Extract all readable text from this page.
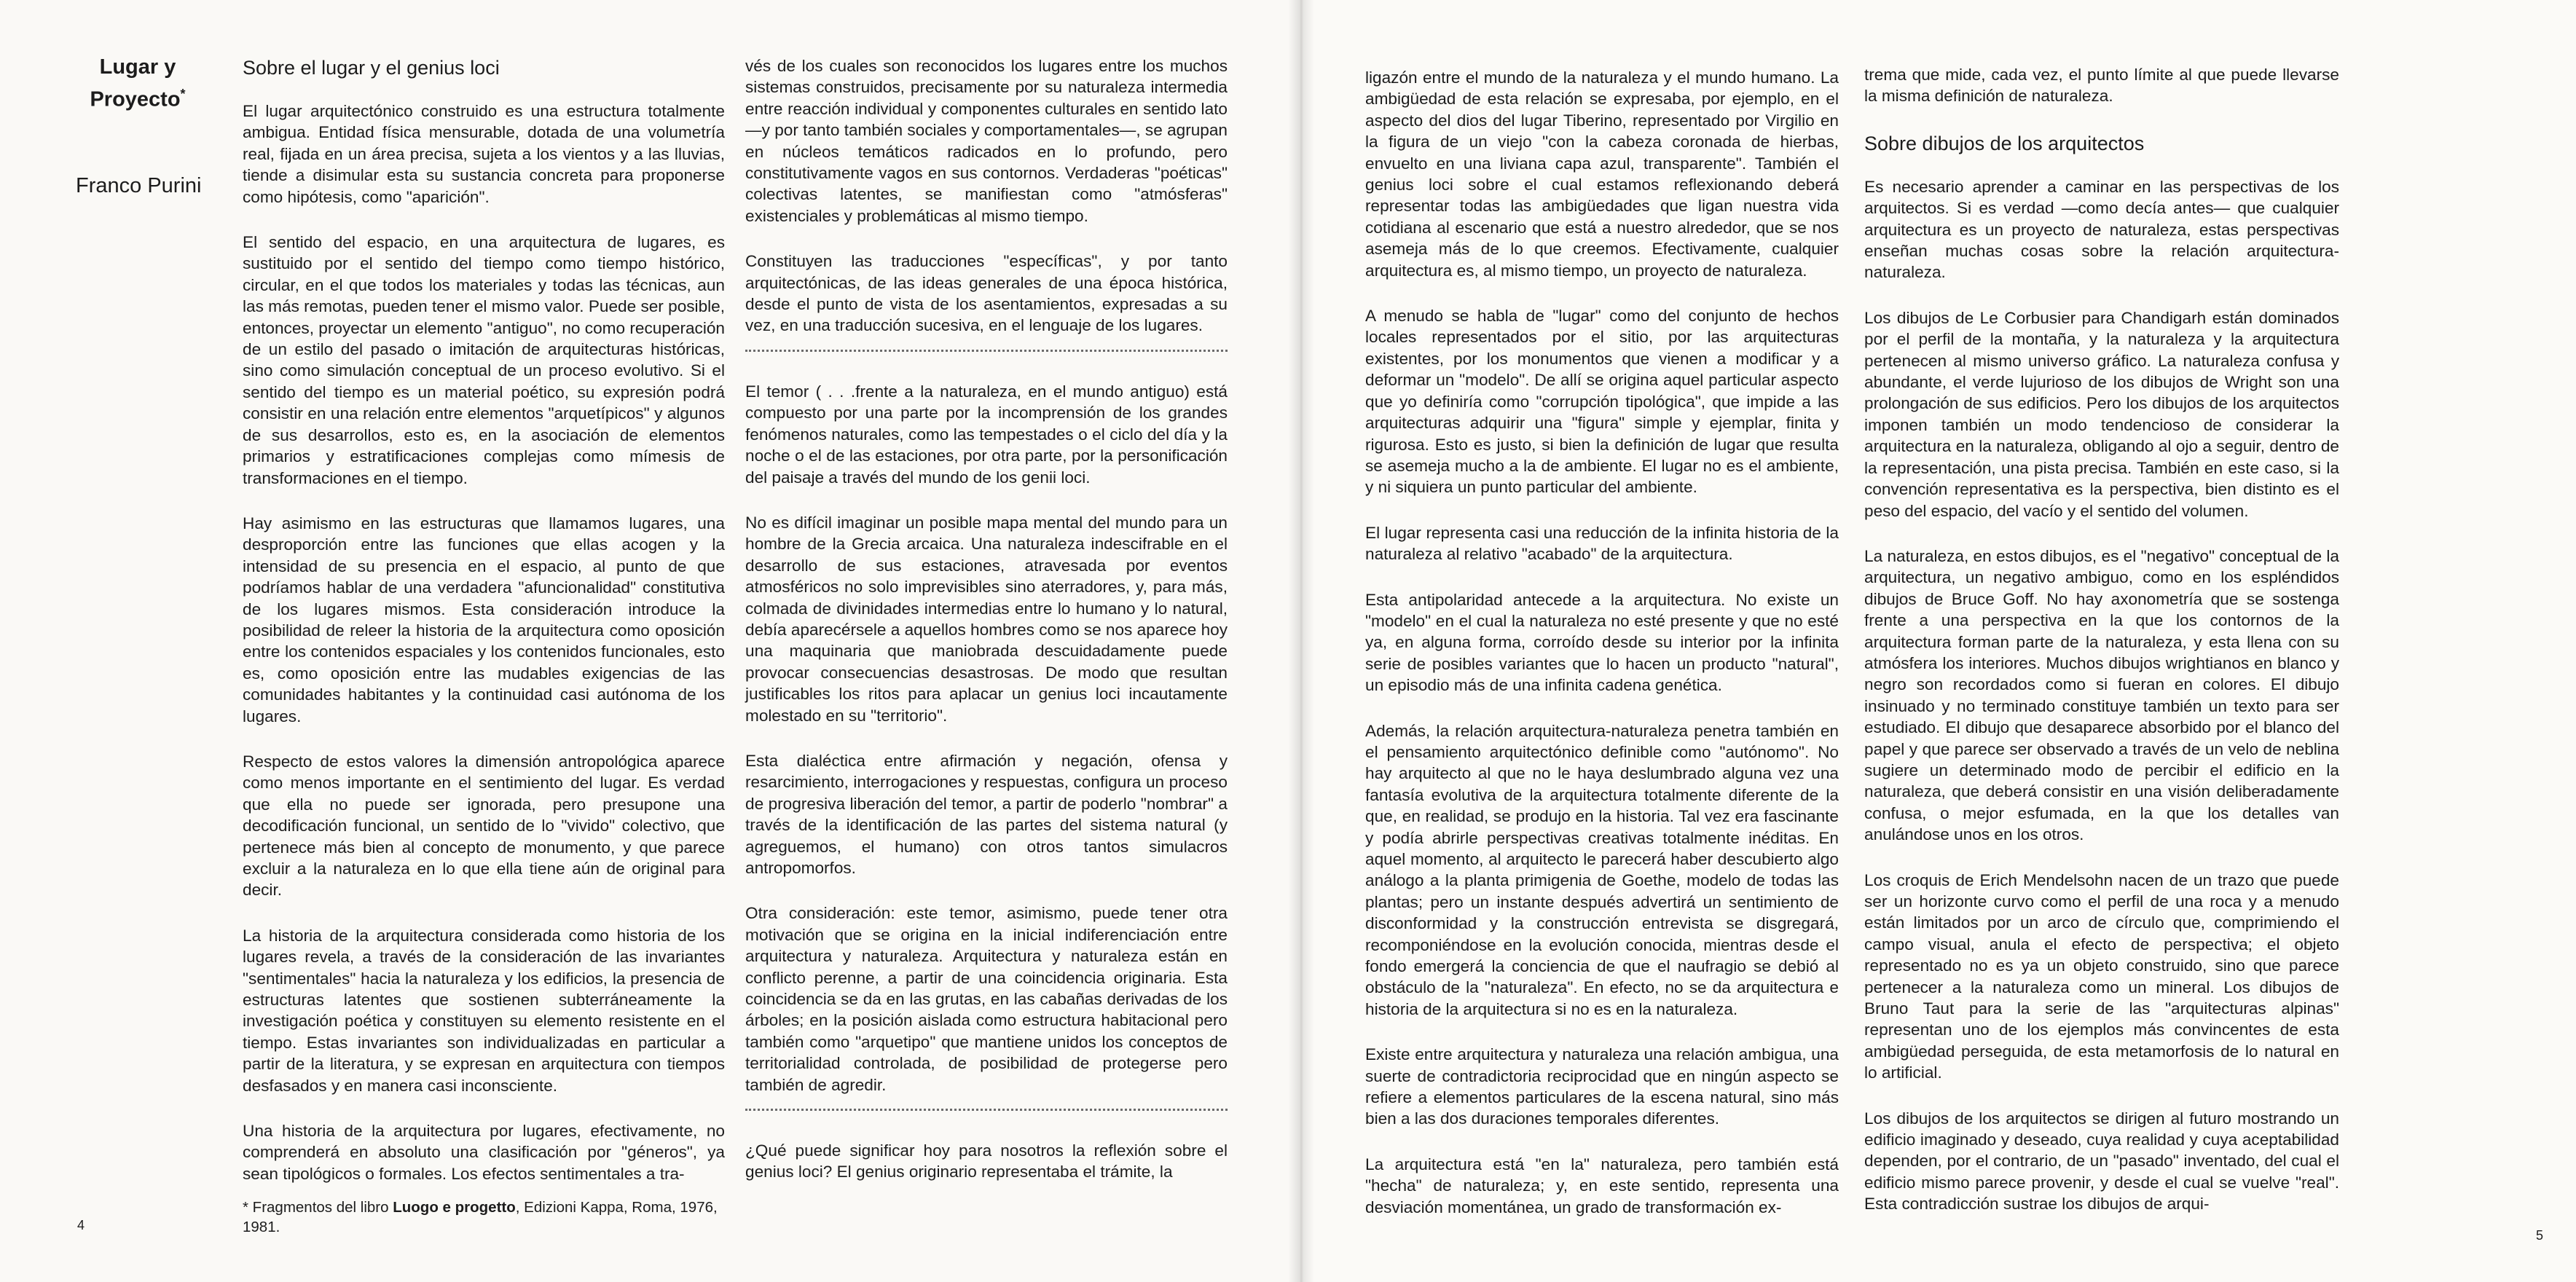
Lugar y
Proyecto*
Franco Purini
Sobre el lugar y el genius loci

El lugar arquitectónico construido es una estructura totalmente ambigua. Entidad física mensurable, dotada de una volumetría real, fijada en un área precisa, sujeta a los vientos y a las lluvias, tiende a disimular esta su sustancia concreta para proponerse como hipótesis, como "aparición".

El sentido del espacio, en una arquitectura de lugares, es sustituido por el sentido del tiempo como tiempo histórico, circular, en el que todos los materiales y todas las técnicas, aun las más remotas, pueden tener el mismo valor. Puede ser posible, entonces, proyectar un elemento "antiguo", no como recuperación de un estilo del pasado o imitación de arquitecturas históricas, sino como simulación conceptual de un proceso evolutivo. Si el sentido del tiempo es un material poético, su expresión podrá consistir en una relación entre elementos "arquetípicos" y algunos de sus desarrollos, esto es, en la asociación de elementos primarios y estratificaciones complejas como mímesis de transformaciones en el tiempo.

Hay asimismo en las estructuras que llamamos lugares, una desproporción entre las funciones que ellas acogen y la intensidad de su presencia en el espacio, al punto de que podríamos hablar de una verdadera "afuncionalidad" constitutiva de los lugares mismos. Esta consideración introduce la posibilidad de releer la historia de la arquitectura como oposición entre los contenidos espaciales y los contenidos funcionales, esto es, como oposición entre las mudables exigencias de las comunidades habitantes y la continuidad casi autónoma de los lugares.

Respecto de estos valores la dimensión antropológica aparece como menos importante en el sentimiento del lugar. Es verdad que ella no puede ser ignorada, pero presupone una decodificación funcional, un sentido de lo "vivido" colectivo, que pertenece más bien al concepto de monumento, y que parece excluir a la naturaleza en lo que ella tiene aún de original para decir.

La historia de la arquitectura considerada como historia de los lugares revela, a través de la consideración de las invariantes "sentimentales" hacia la naturaleza y los edificios, la presencia de estructuras latentes que sostienen subterráneamente la investigación poética y constituyen su elemento resistente en el tiempo. Estas invariantes son individualizadas en particular a partir de la literatura, y se expresan en arquitectura con tiempos desfasados y en manera casi inconsciente.

Una historia de la arquitectura por lugares, efectivamente, no comprenderá en absoluto una clasificación por "géneros", ya sean tipológicos o formales. Los efectos sentimentales a tra-

* Fragmentos del libro Luogo e progetto, Edizioni Kappa, Roma, 1976, 1981.

vés de los cuales son reconocidos los lugares entre los muchos sistemas construidos, precisamente por su naturaleza intermedia entre reacción individual y componentes culturales en sentido lato —y por tanto también sociales y comportamentales—, se agrupan en núcleos temáticos radicados en lo profundo, pero constitutivamente vagos en sus contornos. Verdaderas "poéticas" colectivas latentes, se manifiestan como "atmósferas" existenciales y problemáticas al mismo tiempo.

Constituyen las traducciones "específicas", y por tanto arquitectónicas, de las ideas generales de una época histórica, desde el punto de vista de los asentamientos, expresadas a su vez, en una traducción sucesiva, en el lenguaje de los lugares.

El temor ( . . .frente a la naturaleza, en el mundo antiguo) está compuesto por una parte por la incomprensión de los grandes fenómenos naturales, como las tempestades o el ciclo del día y la noche o el de las estaciones, por otra parte, por la personificación del paisaje a través del mundo de los genii loci.

No es difícil imaginar un posible mapa mental del mundo para un hombre de la Grecia arcaica. Una naturaleza indescifrable en el desarrollo de sus estaciones, atravesada por eventos atmosféricos no solo imprevisibles sino aterradores, y, para más, colmada de divinidades intermedias entre lo humano y lo natural, debía aparecérsele a aquellos hombres como se nos aparece hoy una maquinaria que maniobrada descuidadamente puede provocar consecuencias desastrosas. De modo que resultan justificables los ritos para aplacar un genius loci incautamente molestado en su "territorio".

Esta dialéctica entre afirmación y negación, ofensa y resarcimiento, interrogaciones y respuestas, configura un proceso de progresiva liberación del temor, a partir de poderlo "nombrar" a través de la identificación de las partes del sistema natural (y agreguemos, el humano) con otros tantos simulacros antropomorfos.

Otra consideración: este temor, asimismo, puede tener otra motivación que se origina en la inicial indiferenciación entre arquitectura y naturaleza. Arquitectura y naturaleza están en conflicto perenne, a partir de una coincidencia originaria. Esta coincidencia se da en las grutas, en las cabañas derivadas de los árboles; en la posición aislada como estructura habitacional pero también como "arquetipo" que mantiene unidos los conceptos de territorialidad controlada, de posibilidad de protegerse pero también de agredir.

¿Qué puede significar hoy para nosotros la reflexión sobre el genius loci? El genius originario representaba el trámite, la

4

ligazón entre el mundo de la naturaleza y el mundo humano. La ambigüedad de esta relación se expresaba, por ejemplo, en el aspecto del dios del lugar Tiberino, representado por Virgilio en la figura de un viejo "con la cabeza coronada de hierbas, envuelto en una liviana capa azul, transparente". También el genius loci sobre el cual estamos reflexionando deberá representar todas las ambigüedades que ligan nuestra vida cotidiana al escenario que está a nuestro alrededor, que se nos asemeja más de lo que creemos. Efectivamente, cualquier arquitectura es, al mismo tiempo, un proyecto de naturaleza.

A menudo se habla de "lugar" como del conjunto de hechos locales representados por el sitio, por las arquitecturas existentes, por los monumentos que vienen a modificar y a deformar un "modelo". De allí se origina aquel particular aspecto que yo definiría como "corrupción tipológica", que impide a las arquitecturas adquirir una "figura" simple y ejemplar, finita y rigurosa. Esto es justo, si bien la definición de lugar que resulta se asemeja mucho a la de ambiente. El lugar no es el ambiente, y ni siquiera un punto particular del ambiente.

El lugar representa casi una reducción de la infinita historia de la naturaleza al relativo "acabado" de la arquitectura.

Esta antipolaridad antecede a la arquitectura. No existe un "modelo" en el cual la naturaleza no esté presente y que no esté ya, en alguna forma, corroído desde su interior por la infinita serie de posibles variantes que lo hacen un producto "natural", un episodio más de una infinita cadena genética.

Además, la relación arquitectura-naturaleza penetra también en el pensamiento arquitectónico definible como "autónomo". No hay arquitecto al que no le haya deslumbrado alguna vez una fantasía evolutiva de la arquitectura totalmente diferente de la que, en realidad, se produjo en la historia. Tal vez era fascinante y podía abrirle perspectivas creativas totalmente inéditas. En aquel momento, al arquitecto le parecerá haber descubierto algo análogo a la planta primigenia de Goethe, modelo de todas las plantas; pero un instante después advertirá un sentimiento de disconformidad y la construcción entrevista se disgregará, recomponiéndose en la evolución conocida, mientras desde el fondo emergerá la conciencia de que el naufragio se debió al obstáculo de la "naturaleza". En efecto, no se da arquitectura e historia de la arquitectura si no es en la naturaleza.

Existe entre arquitectura y naturaleza una relación ambigua, una suerte de contradictoria reciprocidad que en ningún aspecto se refiere a elementos particulares de la escena natural, sino más bien a las dos duraciones temporales diferentes.

La arquitectura está "en la" naturaleza, pero también está "hecha" de naturaleza; y, en este sentido, representa una desviación momentánea, un grado de transformación ex-

trema que mide, cada vez, el punto límite al que puede llevarse la misma definición de naturaleza.

Sobre dibujos de los arquitectos

Es necesario aprender a caminar en las perspectivas de los arquitectos. Si es verdad —como decía antes— que cualquier arquitectura es un proyecto de naturaleza, estas perspectivas enseñan muchas cosas sobre la relación arquitectura-naturaleza.

Los dibujos de Le Corbusier para Chandigarh están dominados por el perfil de la montaña, y la naturaleza y la arquitectura pertenecen al mismo universo gráfico. La naturaleza confusa y abundante, el verde lujurioso de los dibujos de Wright son una prolongación de sus edificios. Pero los dibujos de los arquitectos imponen también un modo tendencioso de considerar la arquitectura en la naturaleza, obligando al ojo a seguir, dentro de la representación, una pista precisa. También en este caso, si la convención representativa es la perspectiva, bien distinto es el peso del espacio, del vacío y el sentido del volumen.

La naturaleza, en estos dibujos, es el "negativo" conceptual de la arquitectura, un negativo ambiguo, como en los espléndidos dibujos de Bruce Goff. No hay axonometría que se sostenga frente a una perspectiva en la que los contornos de la arquitectura forman parte de la naturaleza, y esta llena con su atmósfera los interiores. Muchos dibujos wrightianos en blanco y negro son recordados como si fueran en colores. El dibujo insinuado y no terminado constituye también un texto para ser estudiado. El dibujo que desaparece absorbido por el blanco del papel y que parece ser observado a través de un velo de neblina sugiere un determinado modo de percibir el edificio en la naturaleza, que deberá consistir en una visión deliberadamente confusa, o mejor esfumada, en la que los detalles van anulándose unos en los otros.

Los croquis de Erich Mendelsohn nacen de un trazo que puede ser un horizonte curvo como el perfil de una roca y a menudo están limitados por un arco de círculo que, comprimiendo el campo visual, anula el efecto de perspectiva; el objeto representado no es ya un objeto construido, sino que parece pertenecer a la naturaleza como un mineral. Los dibujos de Bruno Taut para la serie de las "arquitecturas alpinas" representan uno de los ejemplos más convincentes de esta ambigüedad perseguida, de esta metamorfosis de lo natural en lo artificial.

Los dibujos de los arquitectos se dirigen al futuro mostrando un edificio imaginado y deseado, cuya realidad y cuya aceptabilidad dependen, por el contrario, de un "pasado" inventado, del cual el edificio mismo parece provenir, y desde el cual se vuelve "real". Esta contradicción sustrae los dibujos de arqui-

5
